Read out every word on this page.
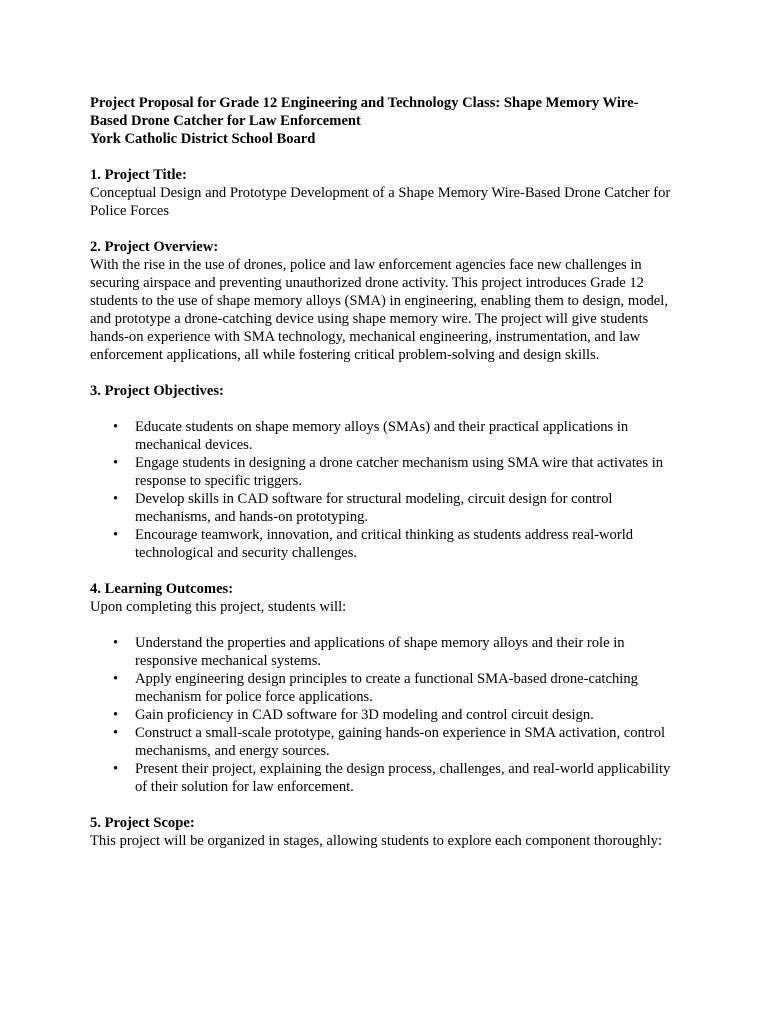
Project Proposal for Grade 12 Engineering and Technology Class: Shape Memory Wire-
Based Drone Catcher for Law Enforcement
York Catholic District School Board

1. Project Title:

Conceptual Design and Prototype Development of a Shape Memory Wire-Based Drone Catcher for Police Forces

2. Project Overview:

With the rise in the use of drones, police and law enforcement agencies face new challenges in securing airspace and preventing unauthorized drone activity. This project introduces Grade 12 students to the use of shape memory alloys (SMA) in engineering, enabling them to design, model, and prototype a drone-catching device using shape memory wire. The project will give students hands-on experience with SMA technology, mechanical engineering, instrumentation, and law enforcement applications, all while fostering critical problem-solving and design skills.

3. Project Objectives:

• Educate students on shape memory alloys (SMAs) and their practical applications in mechanical devices.
• Engage students in designing a drone catcher mechanism using SMA wire that activates in response to specific triggers.
• Develop skills in CAD software for structural modeling, circuit design for control mechanisms, and hands-on prototyping.
• Encourage teamwork, innovation, and critical thinking as students address real-world technological and security challenges.

4. Learning Outcomes:

Upon completing this project, students will:

• Understand the properties and applications of shape memory alloys and their role in responsive mechanical systems.
• Apply engineering design principles to create a functional SMA-based drone-catching mechanism for police force applications.
• Gain proficiency in CAD software for 3D modeling and control circuit design.
• Construct a small-scale prototype, gaining hands-on experience in SMA activation, control mechanisms, and energy sources.
• Present their project, explaining the design process, challenges, and real-world applicability of their solution for law enforcement.

5. Project Scope:

This project will be organized in stages, allowing students to explore each component thoroughly:
